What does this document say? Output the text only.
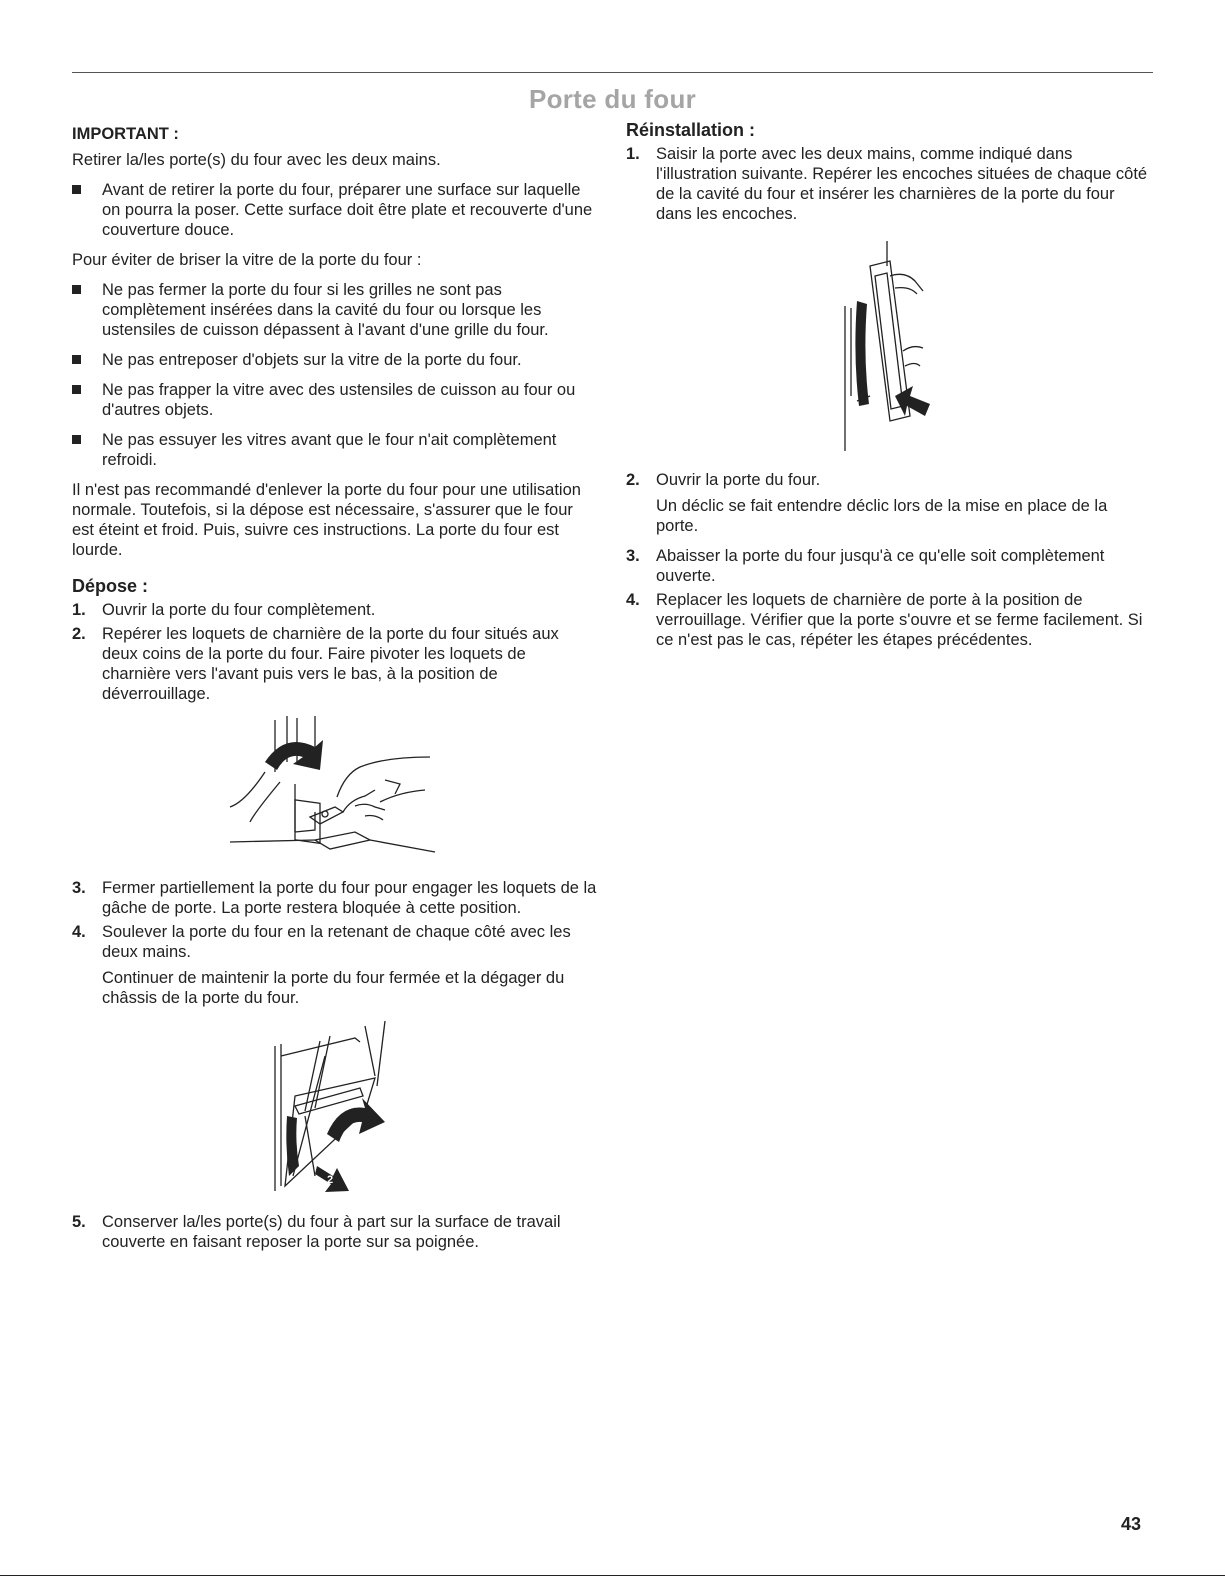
Porte du four
IMPORTANT :
Retirer la/les porte(s) du four avec les deux mains.
Avant de retirer la porte du four, préparer une surface sur laquelle on pourra la poser. Cette surface doit être plate et recouverte d'une couverture douce.
Pour éviter de briser la vitre de la porte du four :
Ne pas fermer la porte du four si les grilles ne sont pas complètement insérées dans la cavité du four ou lorsque les ustensiles de cuisson dépassent à l'avant d'une grille du four.
Ne pas entreposer d'objets sur la vitre de la porte du four.
Ne pas frapper la vitre avec des ustensiles de cuisson au four ou d'autres objets.
Ne pas essuyer les vitres avant que le four n'ait complètement refroidi.
Il n'est pas recommandé d'enlever la porte du four pour une utilisation normale. Toutefois, si la dépose est nécessaire, s'assurer que le four est éteint et froid. Puis, suivre ces instructions. La porte du four est lourde.
Dépose :
1. Ouvrir la porte du four complètement.
2. Repérer les loquets de charnière de la porte du four situés aux deux coins de la porte du four. Faire pivoter les loquets de charnière vers l'avant puis vers le bas, à la position de déverrouillage.
3. Fermer partiellement la porte du four pour engager les loquets de la gâche de porte. La porte restera bloquée à cette position.
4. Soulever la porte du four en la retenant de chaque côté avec les deux mains.
Continuer de maintenir la porte du four fermée et la dégager du châssis de la porte du four.
1
2
5. Conserver la/les porte(s) du four à part sur la surface de travail couverte en faisant reposer la porte sur sa poignée.
Réinstallation :
1. Saisir la porte avec les deux mains, comme indiqué dans l'illustration suivante. Repérer les encoches situées de chaque côté de la cavité du four et insérer les charnières de la porte du four dans les encoches.
2. Ouvrir la porte du four.
Un déclic se fait entendre déclic lors de la mise en place de la porte.
3. Abaisser la porte du four jusqu'à ce qu'elle soit complètement ouverte.
4. Replacer les loquets de charnière de porte à la position de verrouillage. Vérifier que la porte s'ouvre et se ferme facilement. Si ce n'est pas le cas, répéter les étapes précédentes.
43
